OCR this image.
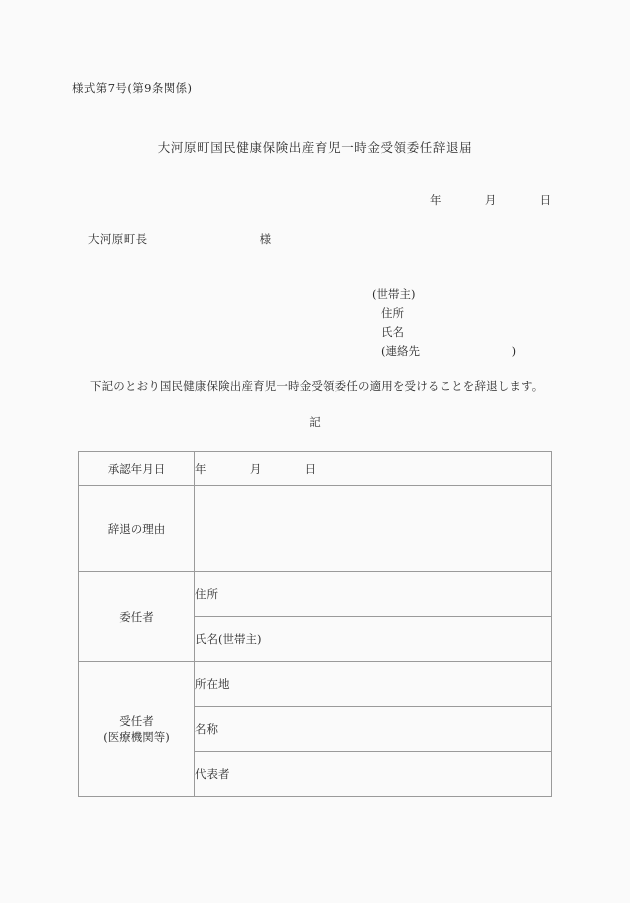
様式第7号(第9条関係)
大河原町国民健康保険出産育児一時金受領委任辞退届
年	月	日
大河原町長	様
(世帯主)
住所
氏名
(連絡先	)
下記のとおり国民健康保険出産育児一時金受領委任の適用を受けることを辞退します。
記
承認年月日	年 月 日

辞退の理由	

委任者	住所
	氏名(世帯主)

受任者
(医療機関等)	所在地
	名称
	代表者
